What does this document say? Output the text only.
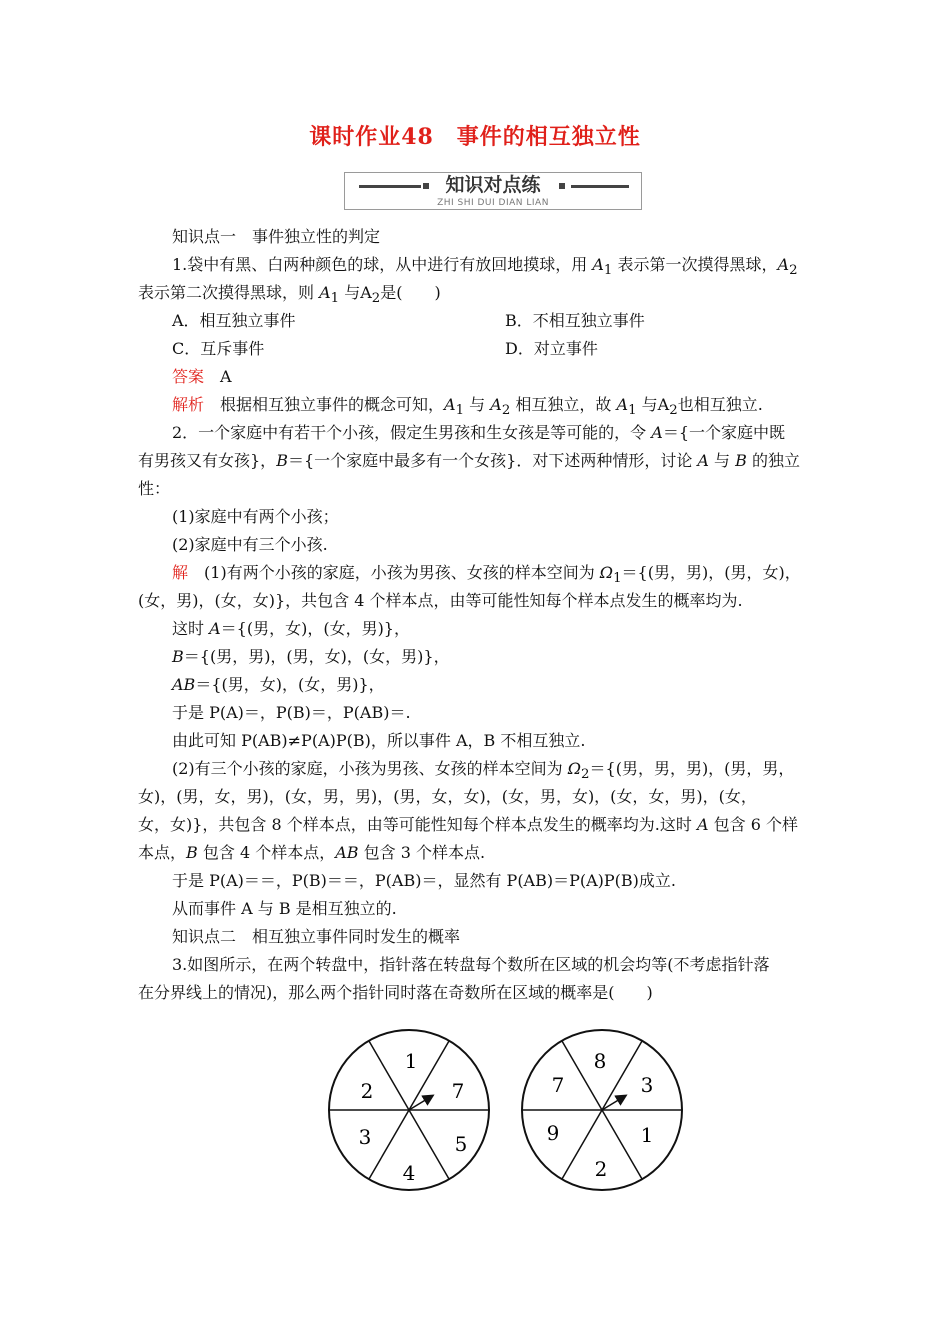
课时作业48　事件的相互独立性
知识对点练
ZHI SHI DUI DIAN LIAN
知识点一　事件独立性的判定
1.袋中有黑、白两种颜色的球，从中进行有放回地摸球，用 $A_1$ 表示第一次摸得黑球，$A_2$
表示第二次摸得黑球，则 $A_1$ 与$A_2$是(　　)
A．相互独立事件	B．不相互独立事件
C．互斥事件	D．对立事件
答案　 A
解析　 根据相互独立事件的概念可知，$A_1$ 与 $A_2$ 相互独立，故 $A_1$ 与$A_2$也相互独立.
2．一个家庭中有若干个小孩，假定生男孩和生女孩是等可能的，令 A＝{一个家庭中既
有男孩又有女孩}，B＝{一个家庭中最多有一个女孩}．对下述两种情形，讨论 A 与 B 的独立
性：
(1)家庭中有两个小孩；
(2)家庭中有三个小孩.
解　 (1)有两个小孩的家庭，小孩为男孩、女孩的样本空间为 $\Omega_1=${(男，男)，(男，女)，
(女，男)，(女，女)}，共包含 4 个样本点，由等可能性知每个样本点发生的概率均为.
这时 A＝{(男，女)，(女，男)}，
B＝{(男，男)，(男，女)，(女，男)}，
AB＝{(男，女)，(女，男)}，
于是 P(A)＝，P(B)＝，P(AB)＝.
由此可知 P(AB)≠P(A)P(B)，所以事件 A，B 不相互独立.
(2)有三个小孩的家庭，小孩为男孩、女孩的样本空间为 $\Omega_2=${(男，男，男)，(男，男，
女)，(男，女，男)，(女，男，男)，(男，女，女)，(女，男，女)，(女，女，男)，(女，
女，女)}，共包含 8 个样本点，由等可能性知每个样本点发生的概率均为.这时 A 包含 6 个样
本点，B 包含 4 个样本点，AB 包含 3 个样本点.
于是 P(A)＝＝，P(B)＝＝，P(AB)＝，显然有 P(AB)＝P(A)P(B)成立.
从而事件 A 与 B 是相互独立的.
知识点二　相互独立事件同时发生的概率
3.如图所示，在两个转盘中，指针落在转盘每个数所在区域的机会均等(不考虑指针落
在分界线上的情况)，那么两个指针同时落在奇数所在区域的概率是(　　)
1
7
5
4
3
2
8
3
1
2
9
7
